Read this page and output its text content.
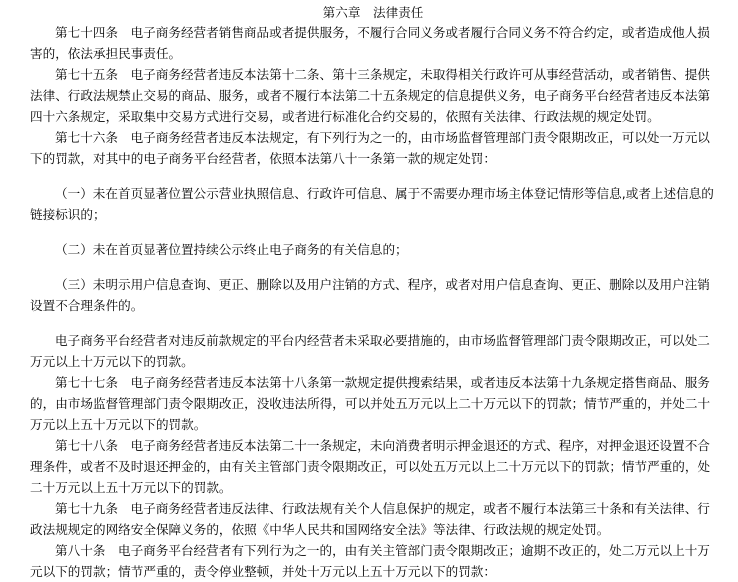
第六章　法律责任

第七十四条　电子商务经营者销售商品或者提供服务，不履行合同义务或者履行合同义务不符合约定，或者造成他人损害的，依法承担民事责任。

第七十五条　电子商务经营者违反本法第十二条、第十三条规定，未取得相关行政许可从事经营活动，或者销售、提供法律、行政法规禁止交易的商品、服务，或者不履行本法第二十五条规定的信息提供义务，电子商务平台经营者违反本法第四十六条规定，采取集中交易方式进行交易，或者进行标准化合约交易的，依照有关法律、行政法规的规定处罚。

第七十六条　电子商务经营者违反本法规定，有下列行为之一的，由市场监督管理部门责令限期改正，可以处一万元以下的罚款，对其中的电子商务平台经营者，依照本法第八十一条第一款的规定处罚：

（一）未在首页显著位置公示营业执照信息、行政许可信息、属于不需要办理市场主体登记情形等信息,或者上述信息的链接标识的；

（二）未在首页显著位置持续公示终止电子商务的有关信息的；

（三）未明示用户信息查询、更正、删除以及用户注销的方式、程序，或者对用户信息查询、更正、删除以及用户注销设置不合理条件的。

电子商务平台经营者对违反前款规定的平台内经营者未采取必要措施的，由市场监督管理部门责令限期改正，可以处二万元以上十万元以下的罚款。

第七十七条　电子商务经营者违反本法第十八条第一款规定提供搜索结果，或者违反本法第十九条规定搭售商品、服务的，由市场监督管理部门责令限期改正，没收违法所得，可以并处五万元以上二十万元以下的罚款；情节严重的，并处二十万元以上五十万元以下的罚款。

第七十八条　电子商务经营者违反本法第二十一条规定，未向消费者明示押金退还的方式、程序，对押金退还设置不合理条件，或者不及时退还押金的，由有关主管部门责令限期改正，可以处五万元以上二十万元以下的罚款；情节严重的，处二十万元以上五十万元以下的罚款。

第七十九条　电子商务经营者违反法律、行政法规有关个人信息保护的规定，或者不履行本法第三十条和有关法律、行政法规规定的网络安全保障义务的，依照《中华人民共和国网络安全法》等法律、行政法规的规定处罚。

第八十条　电子商务平台经营者有下列行为之一的，由有关主管部门责令限期改正；逾期不改正的，处二万元以上十万元以下的罚款；情节严重的，责令停业整顿，并处十万元以上五十万元以下的罚款：
